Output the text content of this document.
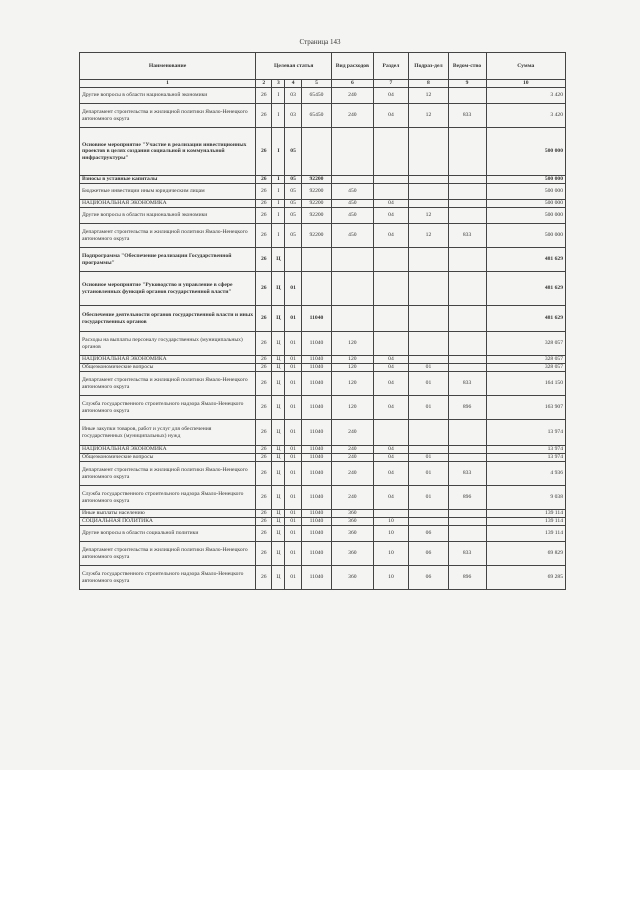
Страница 143
Наименование	Целевая статья				Вид расходов	Раздел	Подраз-дел	Ведом-ство	Сумма
1	2	3	4	5	6	7	8	9	10
Другие вопросы в области национальной экономики	26	I	03	65450	240	04	12		3 420
Департамент строительства и жилищной политики Ямало-Ненецкого автономного округа	26	I	03	65450	240	04	12	833	3 420
Основное мероприятие "Участие в реализации инвестиционных проектов в целях создания социальной и коммунальной инфраструктуры"	26	I	05						500 000
Взносы в уставные капиталы	26	I	05	92200					500 000
Бюджетные инвестиции иным юридическим лицам	26	I	05	92200	450				500 000
НАЦИОНАЛЬНАЯ ЭКОНОМИКА	26	I	05	92200	450	04			500 000
Другие вопросы в области национальной экономики	26	I	05	92200	450	04	12		500 000
Департамент строительства и жилищной политики Ямало-Ненецкого автономного округа	26	I	05	92200	450	04	12	833	500 000
Подпрограмма "Обеспечение реализации Государственной программы"	26	Ц							481 629
Основное мероприятие "Руководство и управление в сфере установленных функций органов государственной власти"	26	Ц	01						481 629
Обеспечение деятельности органов государственной власти и иных государственных органов	26	Ц	01	11040					481 629
Расходы на выплаты персоналу государственных (муниципальных) органов	26	Ц	01	11040	120				328 057
НАЦИОНАЛЬНАЯ ЭКОНОМИКА	26	Ц	01	11040	120	04			328 057
Общеэкономические вопросы	26	Ц	01	11040	120	04	01		328 057
Департамент строительства и жилищной политики Ямало-Ненецкого автономного округа	26	Ц	01	11040	120	04	01	833	164 150
Служба государственного строительного надзора Ямало-Ненецкого автономного округа	26	Ц	01	11040	120	04	01	896	163 907
Иные закупки товаров, работ и услуг для обеспечения государственных (муниципальных) нужд	26	Ц	01	11040	240				13 974
НАЦИОНАЛЬНАЯ ЭКОНОМИКА	26	Ц	01	11040	240	04			13 974
Общеэкономические вопросы	26	Ц	01	11040	240	04	01		13 974
Департамент строительства и жилищной политики Ямало-Ненецкого автономного округа	26	Ц	01	11040	240	04	01	833	4 936
Служба государственного строительного надзора Ямало-Ненецкого автономного округа	26	Ц	01	11040	240	04	01	896	9 038
Иные выплаты населению	26	Ц	01	11040	360				139 114
СОЦИАЛЬНАЯ ПОЛИТИКА	26	Ц	01	11040	360	10			139 114
Другие вопросы в области социальной политики	26	Ц	01	11040	360	10	06		139 114
Департамент строительства и жилищной политики Ямало-Ненецкого автономного округа	26	Ц	01	11040	360	10	06	833	69 829
Служба государственного строительного надзора Ямало-Ненецкого автономного округа	26	Ц	01	11040	360	10	06	896	69 285
